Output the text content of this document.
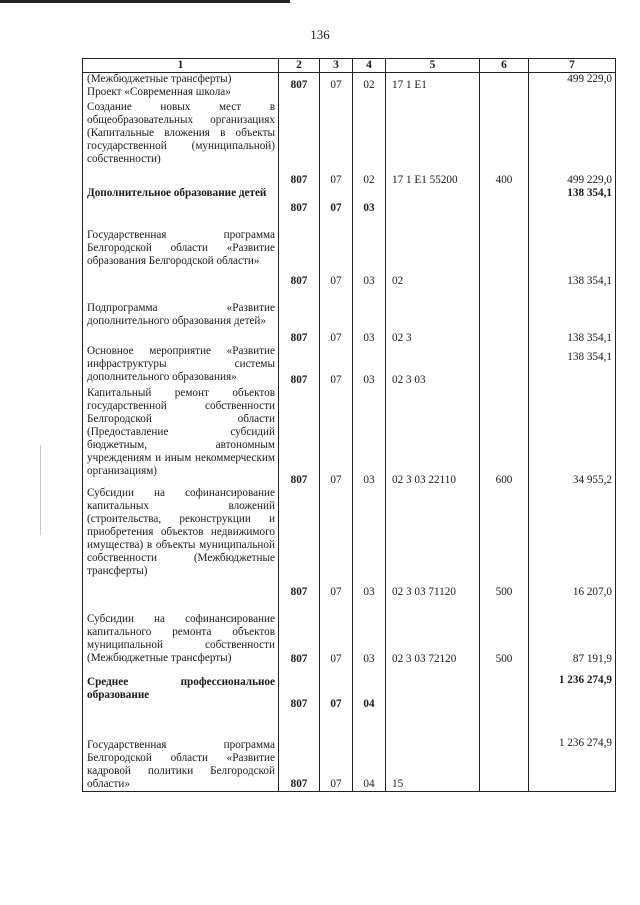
136
1	2	3	4	5	6	7
(Межбюджетные трансферты)
Проект «Современная школа»	807	07	02	17 1 E1		499 229,0
Создание новых мест в общеобразовательных организациях (Капитальные вложения в объекты государственной (муниципальной) собственности)	807	07	02	17 1 E1 55200	400	499 229,0
Дополнительное образование детей	807	07	03			138 354,1
Государственная программа Белгородской области «Развитие образования Белгородской области»	807	07	03	02		138 354,1
Подпрограмма «Развитие дополнительного образования детей»	807	07	03	02 3		138 354,1
Основное мероприятие «Развитие инфраструктуры системы дополнительного образования»	807	07	03	02 3 03		138 354,1
Капитальный ремонт объектов государственной собственности Белгородской области (Предоставление субсидий бюджетным, автономным учреждениям и иным некоммерческим организациям)	807	07	03	02 3 03 22110	600	34 955,2
Субсидии на софинансирование капитальных вложений (строительства, реконструкции и приобретения объектов недвижимого имущества) в объекты муниципальной собственности (Межбюджетные трансферты)	807	07	03	02 3 03 71120	500	16 207,0
Субсидии на софинансирование капитального ремонта объектов муниципальной собственности (Межбюджетные трансферты)	807	07	03	02 3 03 72120	500	87 191,9
Среднее профессиональное образование	807	07	04			1 236 274,9
Государственная программа Белгородской области «Развитие кадровой политики Белгородской области»	807	07	04	15		1 236 274,9
